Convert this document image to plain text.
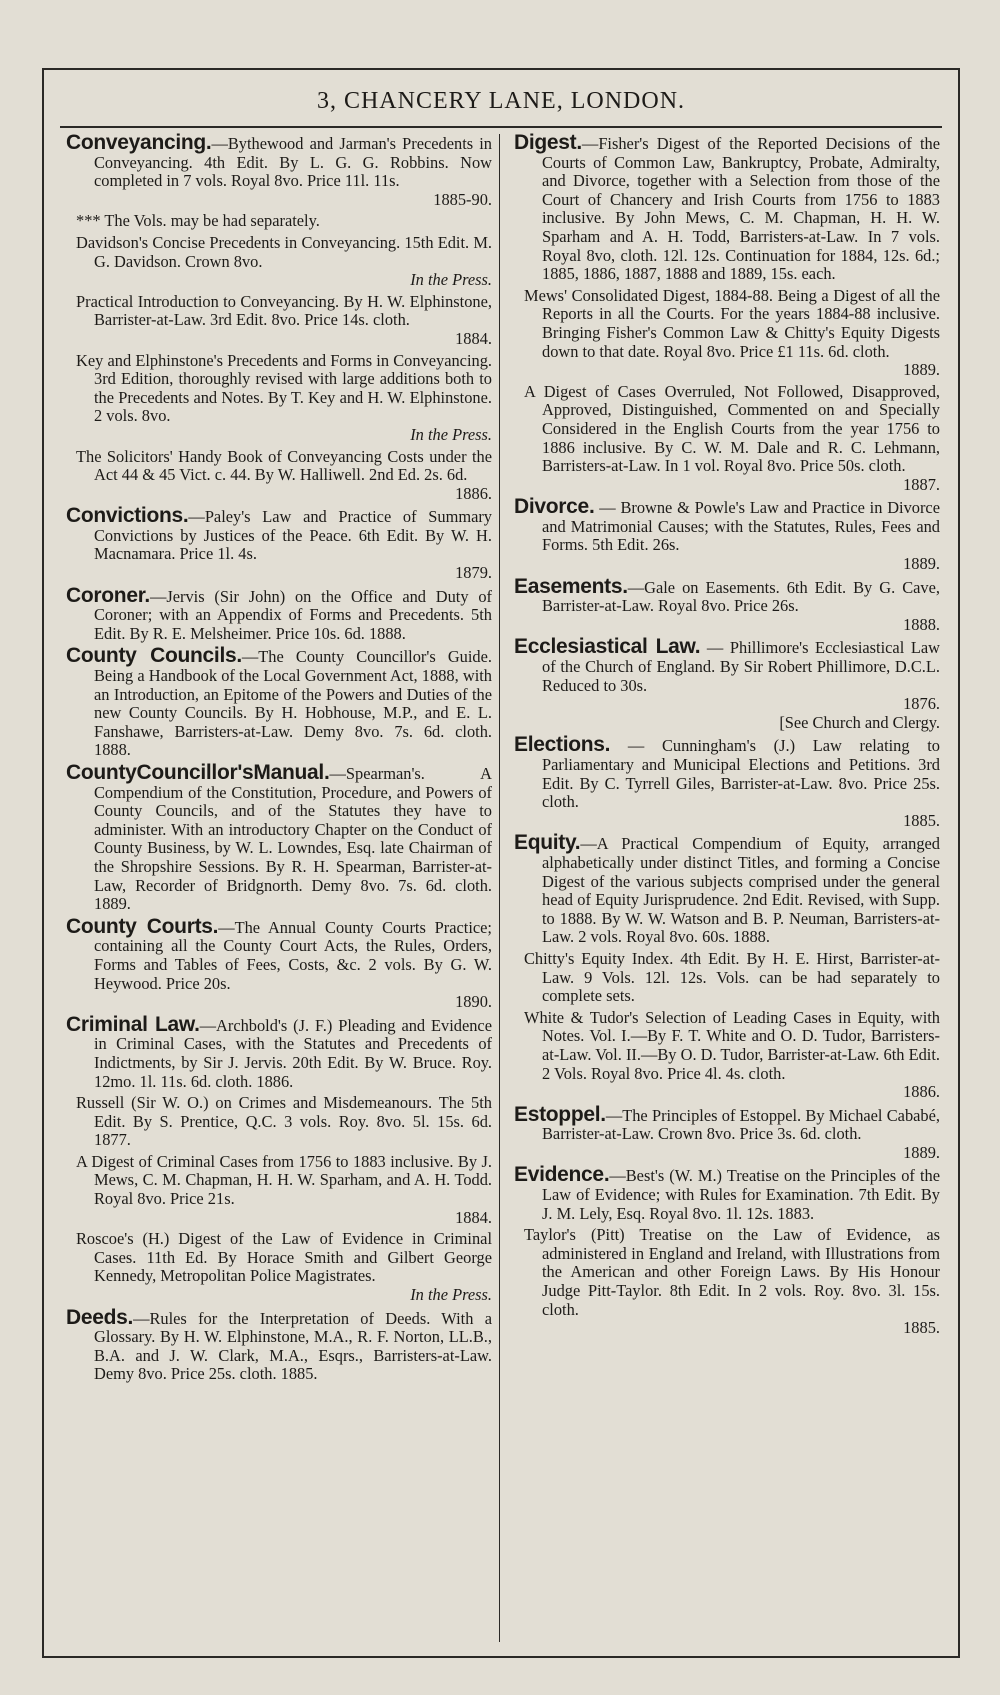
3, CHANCERY LANE, LONDON.

Conveyancing.—Bythewood and Jarman's Precedents in Conveyancing. 4th Edit. By L. G. G. Robbins. Now completed in 7 vols. Royal 8vo. Price 11l. 11s.
1885-90.

*** The Vols. may be had separately.

Davidson's Concise Precedents in Conveyancing. 15th Edit. M. G. Davidson. Crown 8vo.
In the Press.

Practical Introduction to Conveyancing. By H. W. Elphinstone, Barrister-at-Law. 3rd Edit. 8vo. Price 14s. cloth.
1884.

Key and Elphinstone's Precedents and Forms in Conveyancing. 3rd Edition, thoroughly revised with large additions both to the Precedents and Notes. By T. Key and H. W. Elphinstone. 2 vols. 8vo.
In the Press.

The Solicitors' Handy Book of Conveyancing Costs under the Act 44 & 45 Vict. c. 44. By W. Halliwell. 2nd Ed. 2s. 6d.
1886.

Convictions.—Paley's Law and Practice of Summary Convictions by Justices of the Peace. 6th Edit. By W. H. Macnamara. Price 1l. 4s.
1879.

Coroner.—Jervis (Sir John) on the Office and Duty of Coroner; with an Appendix of Forms and Precedents. 5th Edit. By R. E. Melsheimer. Price 10s. 6d. 1888.

County Councils.—The County Councillor's Guide. Being a Handbook of the Local Government Act, 1888, with an Introduction, an Epitome of the Powers and Duties of the new County Councils. By H. Hobhouse, M.P., and E. L. Fanshawe, Barristers-at-Law. Demy 8vo. 7s. 6d. cloth. 1888.

CountyCouncillor'sManual.—Spearman's. A Compendium of the Constitution, Procedure, and Powers of County Councils, and of the Statutes they have to administer. With an introductory Chapter on the Conduct of County Business, by W. L. Lowndes, Esq. late Chairman of the Shropshire Sessions. By R. H. Spearman, Barrister-at-Law, Recorder of Bridgnorth. Demy 8vo. 7s. 6d. cloth. 1889.

County Courts.—The Annual County Courts Practice; containing all the County Court Acts, the Rules, Orders, Forms and Tables of Fees, Costs, &c. 2 vols. By G. W. Heywood. Price 20s.
1890.

Criminal Law.—Archbold's (J. F.) Pleading and Evidence in Criminal Cases, with the Statutes and Precedents of Indictments, by Sir J. Jervis. 20th Edit. By W. Bruce. Roy. 12mo. 1l. 11s. 6d. cloth. 1886.

Russell (Sir W. O.) on Crimes and Misdemeanours. The 5th Edit. By S. Prentice, Q.C. 3 vols. Roy. 8vo. 5l. 15s. 6d. 1877.

A Digest of Criminal Cases from 1756 to 1883 inclusive. By J. Mews, C. M. Chapman, H. H. W. Sparham, and A. H. Todd. Royal 8vo. Price 21s.
1884.

Roscoe's (H.) Digest of the Law of Evidence in Criminal Cases. 11th Ed. By Horace Smith and Gilbert George Kennedy, Metropolitan Police Magistrates.
In the Press.

Deeds.—Rules for the Interpretation of Deeds. With a Glossary. By H. W. Elphinstone, M.A., R. F. Norton, LL.B., B.A. and J. W. Clark, M.A., Esqrs., Barristers-at-Law. Demy 8vo. Price 25s. cloth. 1885.

Digest.—Fisher's Digest of the Reported Decisions of the Courts of Common Law, Bankruptcy, Probate, Admiralty, and Divorce, together with a Selection from those of the Court of Chancery and Irish Courts from 1756 to 1883 inclusive. By John Mews, C. M. Chapman, H. H. W. Sparham and A. H. Todd, Barristers-at-Law. In 7 vols. Royal 8vo, cloth. 12l. 12s. Continuation for 1884, 12s. 6d.; 1885, 1886, 1887, 1888 and 1889, 15s. each.

Mews' Consolidated Digest, 1884-88. Being a Digest of all the Reports in all the Courts. For the years 1884-88 inclusive. Bringing Fisher's Common Law & Chitty's Equity Digests down to that date. Royal 8vo. Price £1 11s. 6d. cloth.
1889.

A Digest of Cases Overruled, Not Followed, Disapproved, Approved, Distinguished, Commented on and Specially Considered in the English Courts from the year 1756 to 1886 inclusive. By C. W. M. Dale and R. C. Lehmann, Barristers-at-Law. In 1 vol. Royal 8vo. Price 50s. cloth.
1887.

Divorce. — Browne & Powle's Law and Practice in Divorce and Matrimonial Causes; with the Statutes, Rules, Fees and Forms. 5th Edit. 26s.
1889.

Easements.—Gale on Easements. 6th Edit. By G. Cave, Barrister-at-Law. Royal 8vo. Price 26s.
1888.

Ecclesiastical Law. — Phillimore's Ecclesiastical Law of the Church of England. By Sir Robert Phillimore, D.C.L. Reduced to 30s.
1876.
[See Church and Clergy.

Elections. — Cunningham's (J.) Law relating to Parliamentary and Municipal Elections and Petitions. 3rd Edit. By C. Tyrrell Giles, Barrister-at-Law. 8vo. Price 25s. cloth.
1885.

Equity.—A Practical Compendium of Equity, arranged alphabetically under distinct Titles, and forming a Concise Digest of the various subjects comprised under the general head of Equity Jurisprudence. 2nd Edit. Revised, with Supp. to 1888. By W. W. Watson and B. P. Neuman, Barristers-at-Law. 2 vols. Royal 8vo. 60s. 1888.

Chitty's Equity Index. 4th Edit. By H. E. Hirst, Barrister-at-Law. 9 Vols. 12l. 12s. Vols. can be had separately to complete sets.

White & Tudor's Selection of Leading Cases in Equity, with Notes. Vol. I.—By F. T. White and O. D. Tudor, Barristers-at-Law. Vol. II.—By O. D. Tudor, Barrister-at-Law. 6th Edit. 2 Vols. Royal 8vo. Price 4l. 4s. cloth.
1886.

Estoppel.—The Principles of Estoppel. By Michael Cababé, Barrister-at-Law. Crown 8vo. Price 3s. 6d. cloth.
1889.

Evidence.—Best's (W. M.) Treatise on the Principles of the Law of Evidence; with Rules for Examination. 7th Edit. By J. M. Lely, Esq. Royal 8vo. 1l. 12s. 1883.

Taylor's (Pitt) Treatise on the Law of Evidence, as administered in England and Ireland, with Illustrations from the American and other Foreign Laws. By His Honour Judge Pitt-Taylor. 8th Edit. In 2 vols. Roy. 8vo. 3l. 15s. cloth.
1885.
